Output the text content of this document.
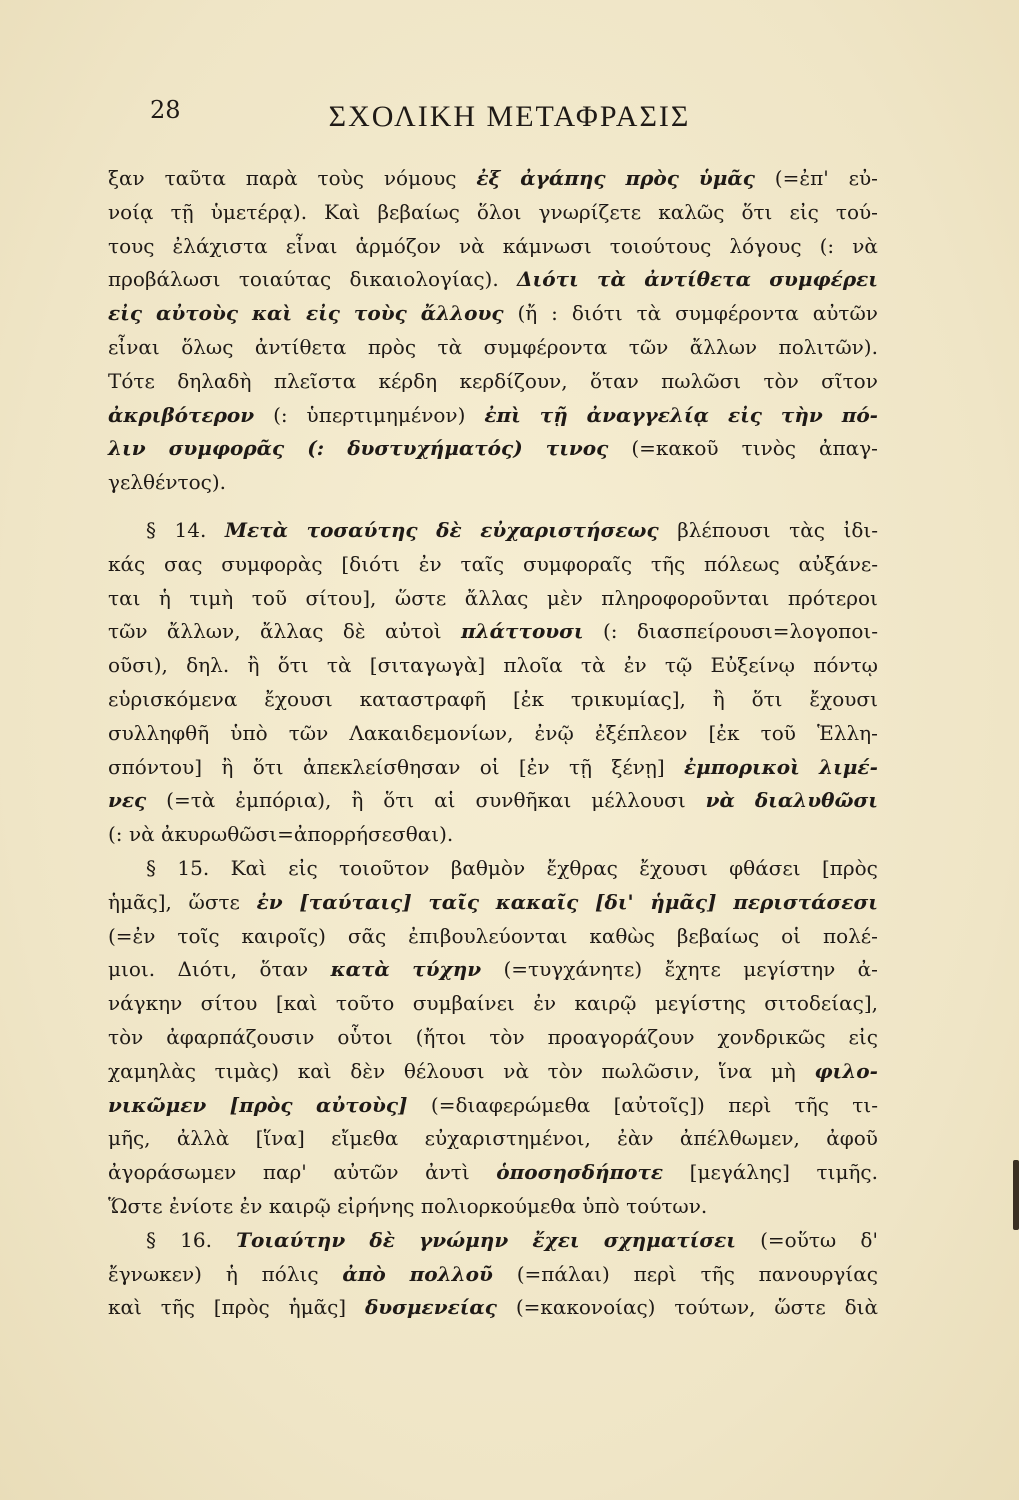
28	ΣΧΟΛΙΚΗ ΜΕΤΑΦΡΑΣΙΣ
ξαν ταῦτα παρὰ τοὺς νόμους ἐξ ἀγάπης πρὸς ὑμᾶς (=ἐπ' εὐ-
νοίᾳ τῇ ὑμετέρᾳ). Καὶ βεβαίως ὅλοι γνωρίζετε καλῶς ὅτι εἰς τού-
τους ἐλάχιστα εἶναι ἁρμόζον νὰ κάμνωσι τοιούτους λόγους (: νὰ
προβάλωσι τοιαύτας δικαιολογίας). Διότι τὰ ἀντίθετα συμφέρει
εἰς αὐτοὺς καὶ εἰς τοὺς ἄλλους (ἤ : διότι τὰ συμφέροντα αὐτῶν
εἶναι ὅλως ἀντίθετα πρὸς τὰ συμφέροντα τῶν ἄλλων πολιτῶν).
Τότε δηλαδὴ πλεῖστα κέρδη κερδίζουν, ὅταν πωλῶσι τὸν σῖτον
ἀκριβότερον (: ὑπερτιμημένον) ἐπὶ τῇ ἀναγγελίᾳ εἰς τὴν πό-
λιν συμφορᾶς (: δυστυχήματός) τινος (=κακοῦ τινὸς ἀπαγ-
γελθέντος).
§ 14. Μετὰ τοσαύτης δὲ εὐχαριστήσεως βλέπουσι τὰς ἰδι-
κάς σας συμφορὰς [διότι ἐν ταῖς συμφοραῖς τῆς πόλεως αὐξάνε-
ται ἡ τιμὴ τοῦ σίτου], ὥστε ἄλλας μὲν πληροφοροῦνται πρότεροι
τῶν ἄλλων, ἄλλας δὲ αὐτοὶ πλάττουσι (: διασπείρουσι=λογοποι-
οῦσι), δηλ. ἢ ὅτι τὰ [σιταγωγὰ] πλοῖα τὰ ἐν τῷ Εὐξείνῳ πόντῳ
εὑρισκόμενα ἔχουσι καταστραφῆ [ἐκ τρικυμίας], ἢ ὅτι ἔχουσι
συλληφθῆ ὑπὸ τῶν Λακαιδεμονίων, ἐνῷ ἐξέπλεον [ἐκ τοῦ Ἑλλη-
σπόντου] ἢ ὅτι ἀπεκλείσθησαν οἱ [ἐν τῇ ξένῃ] ἐμπορικοὶ λιμέ-
νες (=τὰ ἐμπόρια), ἢ ὅτι αἱ συνθῆκαι μέλλουσι νὰ διαλυθῶσι
(: νὰ ἀκυρωθῶσι=ἀπορρήσεσθαι).
§ 15. Καὶ εἰς τοιοῦτον βαθμὸν ἔχθρας ἔχουσι φθάσει [πρὸς
ἡμᾶς], ὥστε ἐν [ταύταις] ταῖς κακαῖς [δι' ἡμᾶς] περιστάσεσι
(=ἐν τοῖς καιροῖς) σᾶς ἐπιβουλεύονται καθὼς βεβαίως οἱ πολέ-
μιοι. Διότι, ὅταν κατὰ τύχην (=τυγχάνητε) ἔχητε μεγίστην ἀ-
νάγκην σίτου [καὶ τοῦτο συμβαίνει ἐν καιρῷ μεγίστης σιτοδείας],
τὸν ἀφαρπάζουσιν οὗτοι (ἤτοι τὸν προαγοράζουν χονδρικῶς εἰς
χαμηλὰς τιμὰς) καὶ δὲν θέλουσι νὰ τὸν πωλῶσιν, ἵνα μὴ φιλο-
νικῶμεν [πρὸς αὐτοὺς] (=διαφερώμεθα [αὐτοῖς]) περὶ τῆς τι-
μῆς, ἀλλὰ [ἵνα] εἴμεθα εὐχαριστημένοι, ἐὰν ἀπέλθωμεν, ἀφοῦ
ἀγοράσωμεν παρ' αὐτῶν ἀντὶ ὁποσησδήποτε [μεγάλης] τιμῆς.
Ὥστε ἐνίοτε ἐν καιρῷ εἰρήνης πολιορκούμεθα ὑπὸ τούτων.
§ 16. Τοιαύτην δὲ γνώμην ἔχει σχηματίσει (=οὕτω δ'
ἔγνωκεν) ἡ πόλις ἀπὸ πολλοῦ (=πάλαι) περὶ τῆς πανουργίας
καὶ τῆς [πρὸς ἡμᾶς] δυσμενείας (=κακονοίας) τούτων, ὥστε διὰ
